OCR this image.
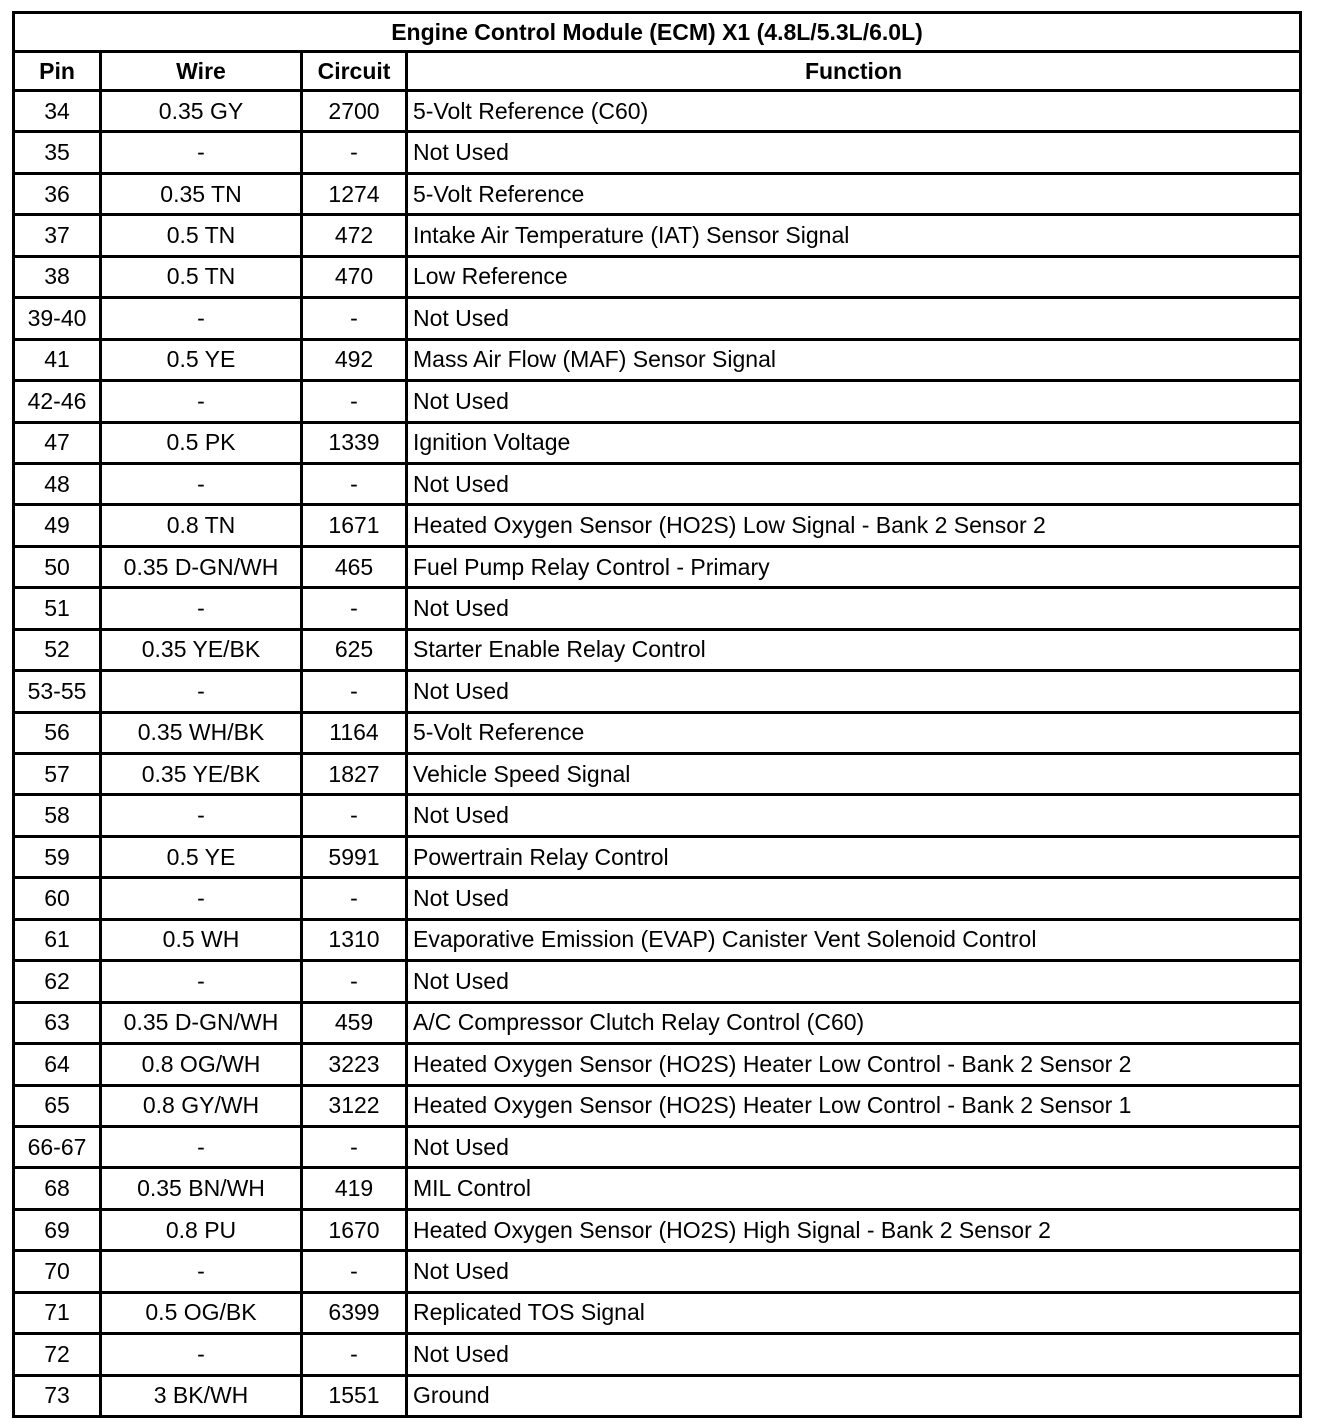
Engine Control Module (ECM) X1 (4.8L/5.3L/6.0L)			
Pin	Wire	Circuit	Function
34	0.35 GY	2700	5-Volt Reference (C60)
35	-	-	Not Used
36	0.35 TN	1274	5-Volt Reference
37	0.5 TN	472	Intake Air Temperature (IAT) Sensor Signal
38	0.5 TN	470	Low Reference
39-40	-	-	Not Used
41	0.5 YE	492	Mass Air Flow (MAF) Sensor Signal
42-46	-	-	Not Used
47	0.5 PK	1339	Ignition Voltage
48	-	-	Not Used
49	0.8 TN	1671	Heated Oxygen Sensor (HO2S) Low Signal - Bank 2 Sensor 2
50	0.35 D-GN/WH	465	Fuel Pump Relay Control - Primary
51	-	-	Not Used
52	0.35 YE/BK	625	Starter Enable Relay Control
53-55	-	-	Not Used
56	0.35 WH/BK	1164	5-Volt Reference
57	0.35 YE/BK	1827	Vehicle Speed Signal
58	-	-	Not Used
59	0.5 YE	5991	Powertrain Relay Control
60	-	-	Not Used
61	0.5 WH	1310	Evaporative Emission (EVAP) Canister Vent Solenoid Control
62	-	-	Not Used
63	0.35 D-GN/WH	459	A/C Compressor Clutch Relay Control (C60)
64	0.8 OG/WH	3223	Heated Oxygen Sensor (HO2S) Heater Low Control - Bank 2 Sensor 2
65	0.8 GY/WH	3122	Heated Oxygen Sensor (HO2S) Heater Low Control - Bank 2 Sensor 1
66-67	-	-	Not Used
68	0.35 BN/WH	419	MIL Control
69	0.8 PU	1670	Heated Oxygen Sensor (HO2S) High Signal - Bank 2 Sensor 2
70	-	-	Not Used
71	0.5 OG/BK	6399	Replicated TOS Signal
72	-	-	Not Used
73	3 BK/WH	1551	Ground
